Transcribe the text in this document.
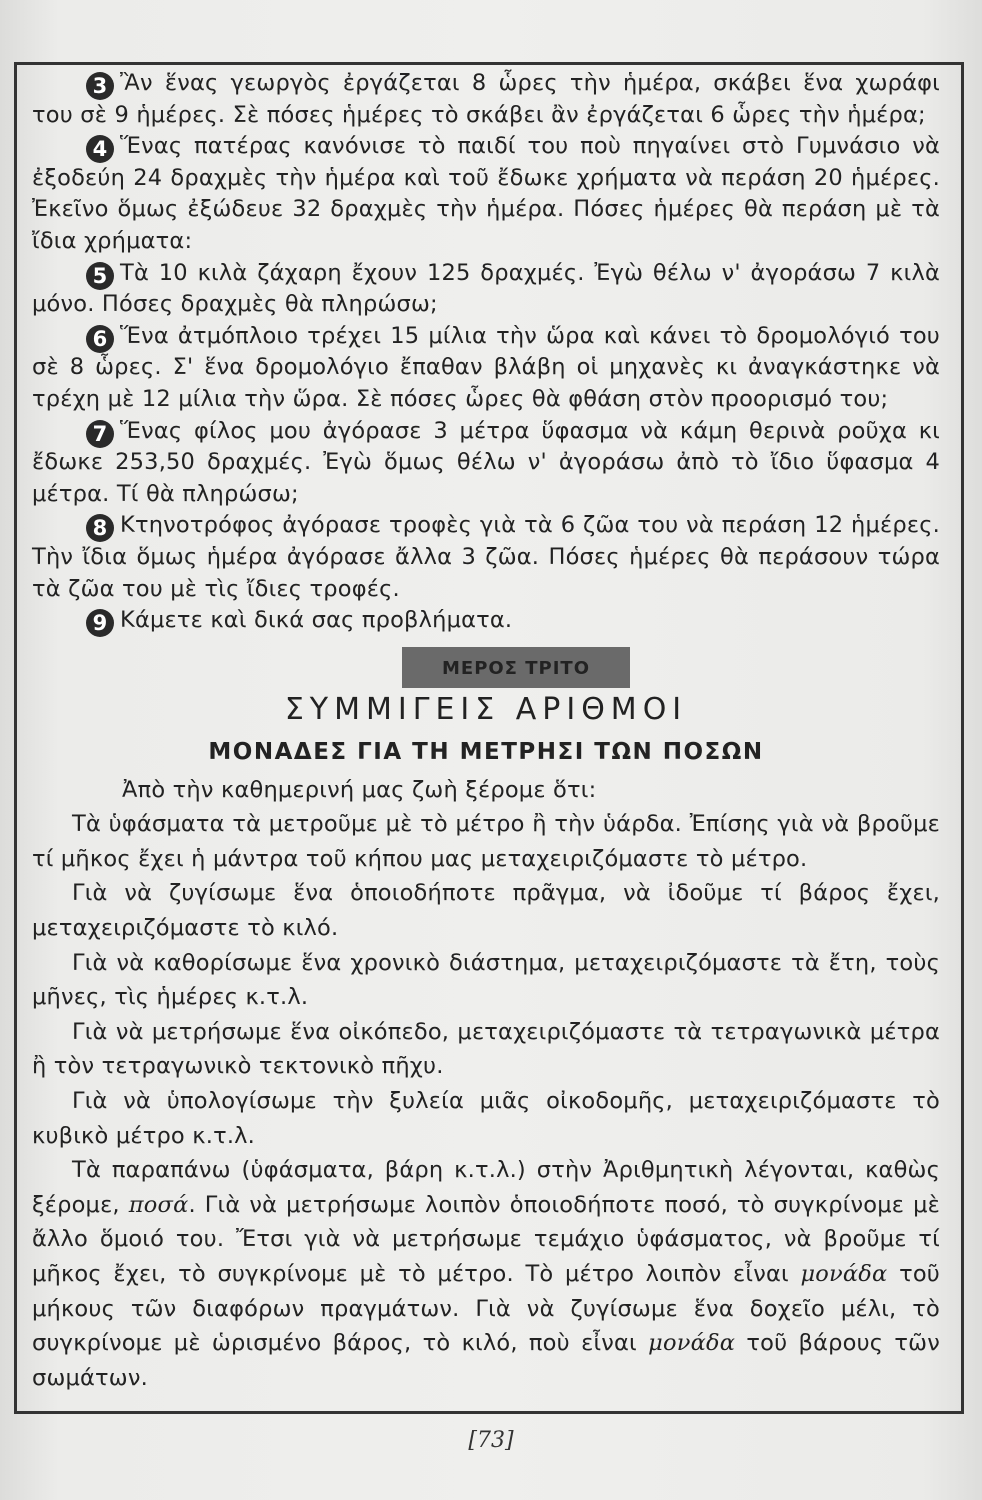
3 Ἂν ἕνας γεωργὸς ἐργάζεται 8 ὧρες τὴν ἡμέρα, σκάβει ἕνα χωράφι του σὲ 9 ἡμέρες. Σὲ πόσες ἡμέρες τὸ σκάβει ἂν ἐργάζεται 6 ὧρες τὴν ἡμέρα;

4 Ἕνας πατέρας κανόνισε τὸ παιδί του ποὺ πηγαίνει στὸ Γυμνάσιο νὰ ἐξοδεύη 24 δραχμὲς τὴν ἡμέρα καὶ τοῦ ἔδωκε χρήματα νὰ περάση 20 ἡμέρες. Ἐκεῖνο ὅμως ἐξώδευε 32 δραχμὲς τὴν ἡμέρα. Πόσες ἡμέρες θὰ περάση μὲ τὰ ἴδια χρήματα:

5 Τὰ 10 κιλὰ ζάχαρη ἔχουν 125 δραχμές. Ἐγὼ θέλω ν' ἀγοράσω 7 κιλὰ μόνο. Πόσες δραχμὲς θὰ πληρώσω;

6 Ἕνα ἀτμόπλοιο τρέχει 15 μίλια τὴν ὥρα καὶ κάνει τὸ δρομολόγιό του σὲ 8 ὧρες. Σ' ἕνα δρομολόγιο ἔπαθαν βλάβη οἱ μηχανὲς κι ἀναγκάστηκε νὰ τρέχη μὲ 12 μίλια τὴν ὥρα. Σὲ πόσες ὧρες θὰ φθάση στὸν προορισμό του;

7 Ἕνας φίλος μου ἀγόρασε 3 μέτρα ὕφασμα νὰ κάμη θερινὰ ροῦχα κι ἔδωκε 253,50 δραχμές. Ἐγὼ ὅμως θέλω ν' ἀγοράσω ἀπὸ τὸ ἴδιο ὕφασμα 4 μέτρα. Τί θὰ πληρώσω;

8 Κτηνοτρόφος ἀγόρασε τροφὲς γιὰ τὰ 6 ζῶα του νὰ περάση 12 ἡμέρες. Τὴν ἴδια ὅμως ἡμέρα ἀγόρασε ἄλλα 3 ζῶα. Πόσες ἡμέρες θὰ περάσουν τώρα τὰ ζῶα του μὲ τὶς ἴδιες τροφές.

9 Κάμετε καὶ δικά σας προβλήματα.

ΜΕΡΟΣ ΤΡΙΤΟ
ΣΥΜΜΙΓΕΙΣ ΑΡΙΘΜΟΙ
ΜΟΝΑΔΕΣ ΓΙΑ ΤΗ ΜΕΤΡΗΣΙ ΤΩΝ ΠΟΣΩΝ

Ἀπὸ τὴν καθημερινή μας ζωὴ ξέρομε ὅτι:

Τὰ ὑφάσματα τὰ μετροῦμε μὲ τὸ μέτρο ἢ τὴν ὑάρδα. Ἐπίσης γιὰ νὰ βροῦμε τί μῆκος ἔχει ἡ μάντρα τοῦ κήπου μας μεταχειριζόμαστε τὸ μέτρο.

Γιὰ νὰ ζυγίσωμε ἕνα ὁποιοδήποτε πρᾶγμα, νὰ ἰδοῦμε τί βάρος ἔχει, μεταχειριζόμαστε τὸ κιλό.

Γιὰ νὰ καθορίσωμε ἕνα χρονικὸ διάστημα, μεταχειριζόμαστε τὰ ἔτη, τοὺς μῆνες, τὶς ἡμέρες κ.τ.λ.

Γιὰ νὰ μετρήσωμε ἕνα οἰκόπεδο, μεταχειριζόμαστε τὰ τετραγωνικὰ μέτρα ἢ τὸν τετραγωνικὸ τεκτονικὸ πῆχυ.

Γιὰ νὰ ὑπολογίσωμε τὴν ξυλεία μιᾶς οἰκοδομῆς, μεταχειριζόμαστε τὸ κυβικὸ μέτρο κ.τ.λ.

Τὰ παραπάνω (ὑφάσματα, βάρη κ.τ.λ.) στὴν Ἀριθμητικὴ λέγονται, καθὼς ξέρομε, ποσά. Γιὰ νὰ μετρήσωμε λοιπὸν ὁποιοδήποτε ποσό, τὸ συγκρίνομε μὲ ἄλλο ὅμοιό του. Ἔτσι γιὰ νὰ μετρήσωμε τεμάχιο ὑφάσματος, νὰ βροῦμε τί μῆκος ἔχει, τὸ συγκρίνομε μὲ τὸ μέτρο. Τὸ μέτρο λοιπὸν εἶναι μονάδα τοῦ μήκους τῶν διαφόρων πραγμάτων. Γιὰ νὰ ζυγίσωμε ἕνα δοχεῖο μέλι, τὸ συγκρίνομε μὲ ὡρισμένο βάρος, τὸ κιλό, ποὺ εἶναι μονάδα τοῦ βάρους τῶν σωμάτων.

[73]
